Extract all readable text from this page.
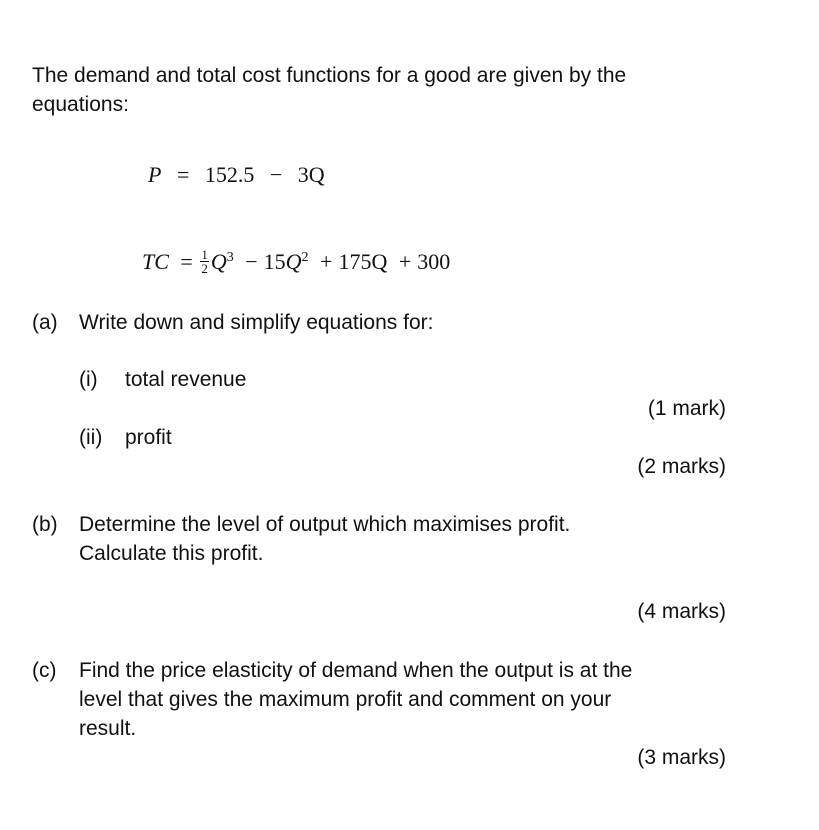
The demand and total cost functions for a good are given by the
equations:
P = 152.5 − 3Q
TC = $\frac{1}{2} Q^3 - 15Q^2 + 175Q + 300$
(a) Write down and simplify equations for:
(i) total revenue
(1 mark)
(ii) profit
(2 marks)
(b) Determine the level of output which maximises profit.
Calculate this profit.
(4 marks)
(c) Find the price elasticity of demand when the output is at the
level that gives the maximum profit and comment on your
result.
(3 marks)
